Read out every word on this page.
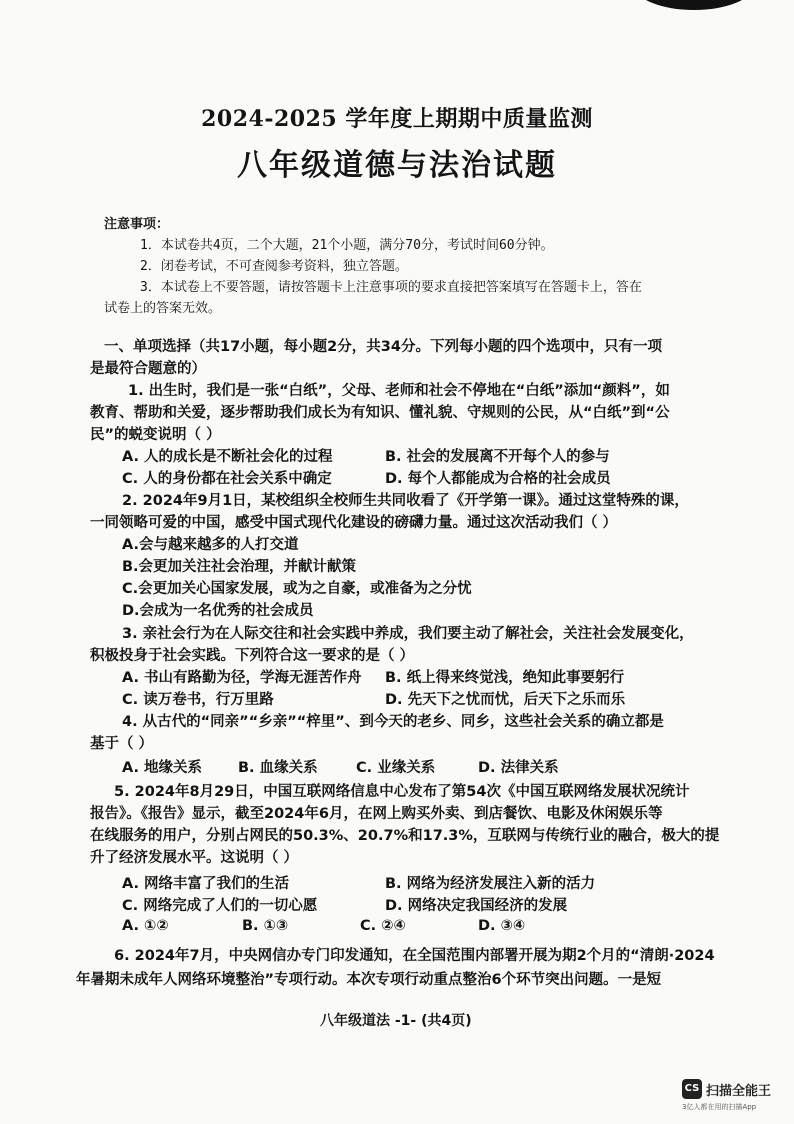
2024-2025 学年度上期期中质量监测
八年级道德与法治试题
注意事项：
1．本试卷共4页，二个大题，21个小题，满分70分，考试时间60分钟。
2．闭卷考试，不可查阅参考资料，独立答题。
3．本试卷上不要答题，请按答题卡上注意事项的要求直接把答案填写在答题卡上，答在
试卷上的答案无效。
一、单项选择（共17小题，每小题2分，共34分。下列每小题的四个选项中，只有一项
是最符合题意的）
1. 出生时，我们是一张“白纸”，父母、老师和社会不停地在“白纸”添加“颜料”，如
教育、帮助和关爱，逐步帮助我们成长为有知识、懂礼貌、守规则的公民，从“白纸”到“公
民”的蜕变说明（ ）
A. 人的成长是不断社会化的过程	B. 社会的发展离不开每个人的参与
C. 人的身份都在社会关系中确定	D. 每个人都能成为合格的社会成员
2. 2024年9月1日，某校组织全校师生共同收看了《开学第一课》。通过这堂特殊的课，
一同领略可爱的中国，感受中国式现代化建设的磅礴力量。通过这次活动我们（ ）
A.会与越来越多的人打交道
B.会更加关注社会治理，并献计献策
C.会更加关心国家发展，或为之自豪，或准备为之分忧
D.会成为一名优秀的社会成员
3. 亲社会行为在人际交往和社会实践中养成，我们要主动了解社会，关注社会发展变化，
积极投身于社会实践。下列符合这一要求的是（ ）
A. 书山有路勤为径，学海无涯苦作舟 B. 纸上得来终觉浅，绝知此事要躬行
C. 读万卷书，行万里路	D. 先天下之忧而忧，后天下之乐而乐
4. 从古代的“同亲”“乡亲”“梓里”、到今天的老乡、同乡，这些社会关系的确立都是
基于（ ）
A. 地缘关系 B. 血缘关系	C. 业缘关系	D. 法律关系
5. 2024年8月29日，中国互联网络信息中心发布了第54次《中国互联网络发展状况统计
报告》。《报告》显示，截至2024年6月，在网上购买外卖、到店餐饮、电影及休闲娱乐等
在线服务的用户，分别占网民的50.3%、20.7%和17.3%，互联网与传统行业的融合，极大的提
升了经济发展水平。这说明（ ）
A. 网络丰富了我们的生活	B. 网络为经济发展注入新的活力
C. 网络完成了人们的一切心愿	D. 网络决定我国经济的发展
A. ①②	B. ①③	C. ②④	D. ③④
6. 2024年7月，中央网信办专门印发通知，在全国范围内部署开展为期2个月的“清朗·2024
年暑期未成年人网络环境整治”专项行动。本次专项行动重点整治6个环节突出问题。一是短
八年级道法 -1- (共4页)
CS 扫描全能王
3亿人都在用的扫描App
